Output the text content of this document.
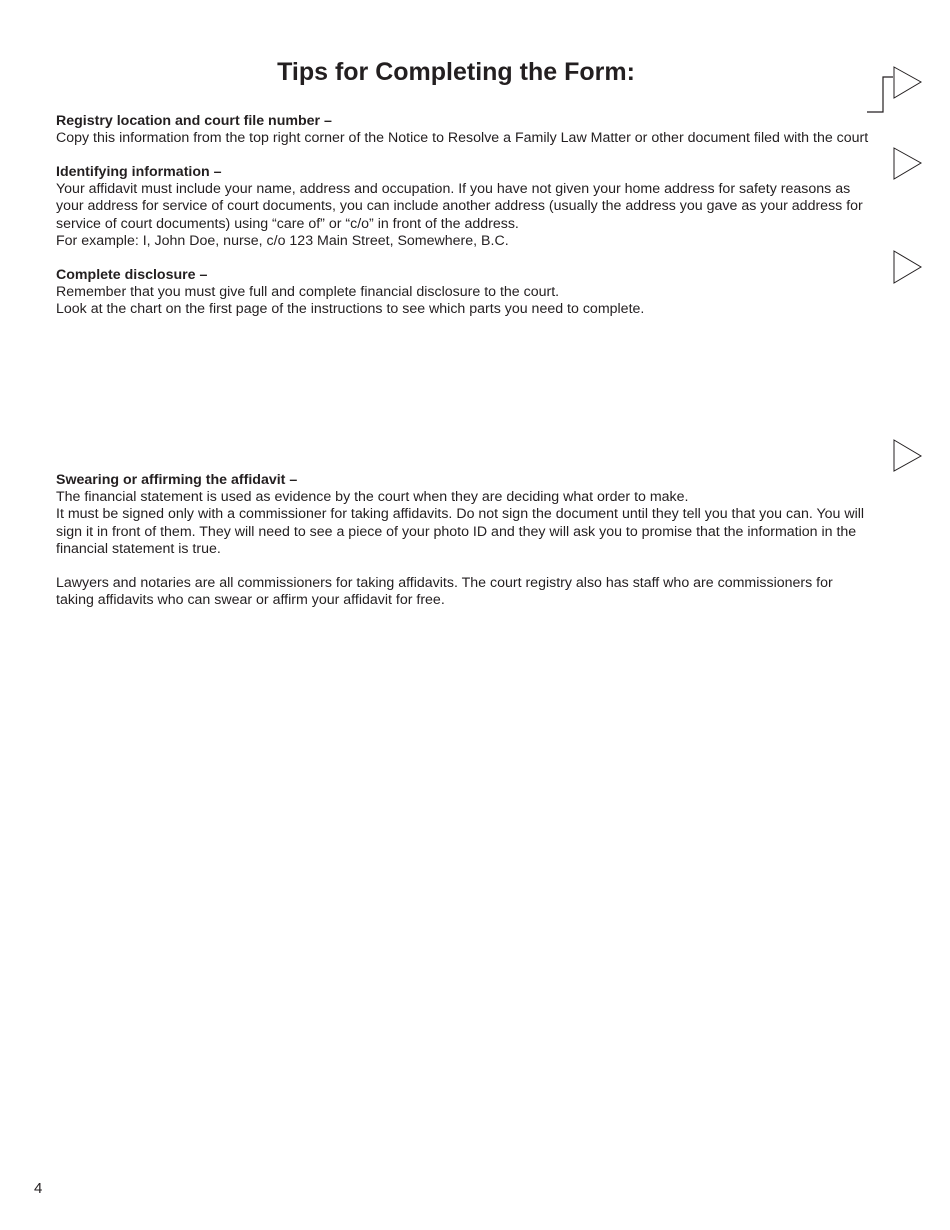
Tips for Completing the Form:
Registry location and court file number –

Copy this information from the top right corner of the Notice to Resolve a Family Law Matter or other document filed with the court

Identifying information –

Your affidavit must include your name, address and occupation. If you have not given your home address for safety reasons as your address for service of court documents, you can include another address (usually the address you gave as your address for service of court documents) using “care of” or “c/o” in front of the address.

For example: I, John Doe, nurse, c/o 123 Main Street, Somewhere, B.C.

Complete disclosure –

Remember that you must give full and complete financial disclosure to the court.

Look at the chart on the first page of the instructions to see which parts you need to complete.

Swearing or affirming the affidavit –

The financial statement is used as evidence by the court when they are deciding what order to make.

It must be signed only with a commissioner for taking affidavits. Do not sign the document until they tell you that you can. You will sign it in front of them. They will need to see a piece of your photo ID and they will ask you to promise that the information in the financial statement is true.

Lawyers and notaries are all commissioners for taking affidavits. The court registry also has staff who are commissioners for taking affidavits who can swear or affirm your affidavit for free.

4
